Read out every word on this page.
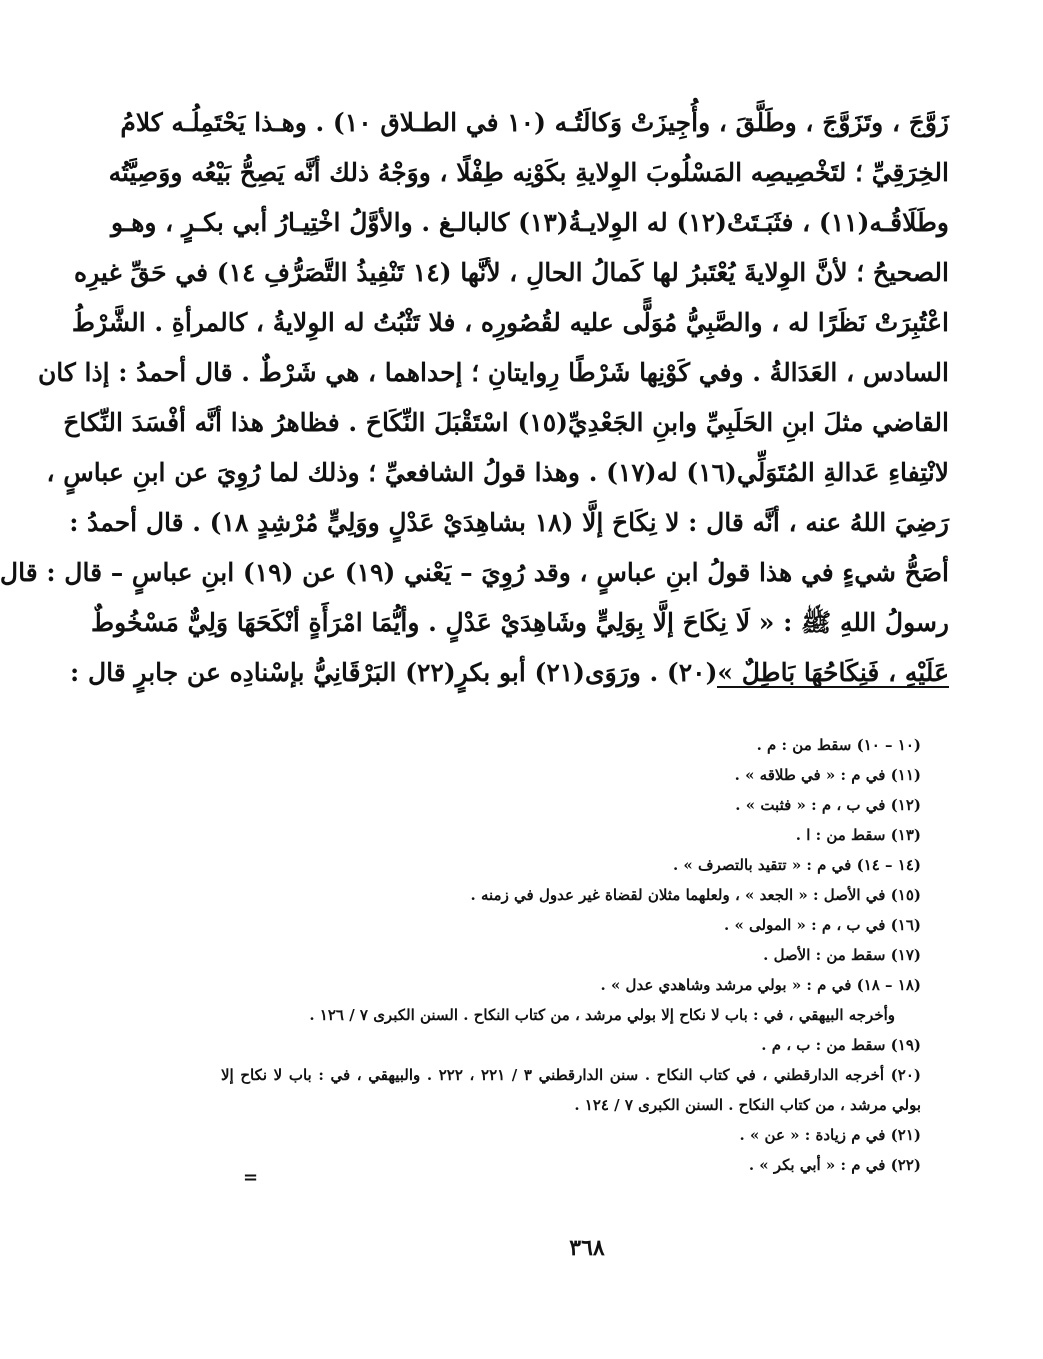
زَوَّجَ ، وتَزَوَّجَ ، وطَلَّقَ ، وأُجِيزَتْ وَكالَتُـه (١٠ في الطـلاق ١٠) . وهـذا يَحْتَمِلُـه كلامُ
الخِرَقِيِّ ؛ لتَخْصِيصِه المَسْلُوبَ الوِلايةِ بكَوْنِه طِفْلًا ، ووَجْهُ ذلك أنَّه يَصِحُّ بَيْعُه ووَصِيَّتُه
وطَلَاقُـه(١١) ، فثَبَـتَتْ(١٢) له الوِلايـةُ(١٣) كالبالـغ . والأوَّلُ اخْتِيـارُ أبي بكـرٍ ، وهـو
الصحيحُ ؛ لأنَّ الوِلايةَ يُعْتَبرُ لها كَمالُ الحالِ ، لأنَّها (١٤ تَنْفِيذُ التَّصَرُّفِ ١٤) في حَقِّ غيرِه
اعْتُبِرَتْ نَظَرًا له ، والصَّبِيُّ مُوَلًّى عليه لقُصُورِه ، فلا تَثْبُتُ له الوِلايةُ ، كالمرأةِ . الشَّرْطُ
السادس ، العَدَالةُ . وفي كَوْنِها شَرْطًا رِوايتانِ ؛ إحداهما ، هي شَرْطٌ . قال أحمدُ : إذا كان
القاضي مثلَ ابنِ الحَلَبِيِّ وابنِ الجَعْدِيِّ(١٥) اسْتَقْبَلَ النِّكَاحَ . فظاهرُ هذا أنَّه أفْسَدَ النِّكاحَ
لانْتِفاءِ عَدالةِ المُتَوَلِّي(١٦) له(١٧) . وهذا قولُ الشافعيِّ ؛ وذلك لما رُوِيَ عن ابنِ عباسٍ ،
رَضِيَ اللهُ عنه ، أنَّه قال : لا نِكَاحَ إلَّا (١٨ بشاهِدَيْ عَدْلٍ ووَلِيٍّ مُرْشِدٍ ١٨) . قال أحمدُ :
أصَحُّ شيءٍ في هذا قولُ ابنِ عباسٍ ، وقد رُوِيَ – يَعْني (١٩) عن (١٩) ابنِ عباسٍ – قال : قال
رسولُ اللهِ ﷺ : « لَا نِكَاحَ إلَّا بِوَلِيٍّ وشَاهِدَيْ عَدْلٍ . وأيُّمَا امْرَأَةٍ أنْكَحَهَا وَلِيٌّ مَسْخُوطٌ
عَلَيْهِ ، فَنِكَاحُهَا بَاطِلٌ »(٢٠) . ورَوَى(٢١) أبو بكرٍ(٢٢) البَرْقَانِيُّ بإسْنادِه عن جابرٍ قال :
(١٠ – ١٠) سقط من : م .
(١١) في م : « في طلاقه » .
(١٢) في ب ، م : « فثبت » .
(١٣) سقط من : ا .
(١٤ – ١٤) في م : « تتقيد بالتصرف » .
(١٥) في الأصل : « الجعد » ، ولعلهما مثلان لقضاة غير عدول في زمنه .
(١٦) في ب ، م : « المولى » .
(١٧) سقط من : الأصل .
(١٨ – ١٨) في م : « بولي مرشد وشاهدي عدل » .
وأخرجه البيهقي ، في : باب لا نكاح إلا بولي مرشد ، من كتاب النكاح . السنن الكبرى ٧ / ١٢٦ .
(١٩) سقط من : ب ، م .
(٢٠) أخرجه الدارقطني ، في كتاب النكاح . سنن الدارقطني ٣ / ٢٢١ ، ٢٢٢ . والبيهقي ، في : باب لا نكاح إلا
بولي مرشد ، من كتاب النكاح . السنن الكبرى ٧ / ١٢٤ .
(٢١) في م زيادة : « عن » .
(٢٢) في م : « أبي بكر » .
=
٣٦٨
